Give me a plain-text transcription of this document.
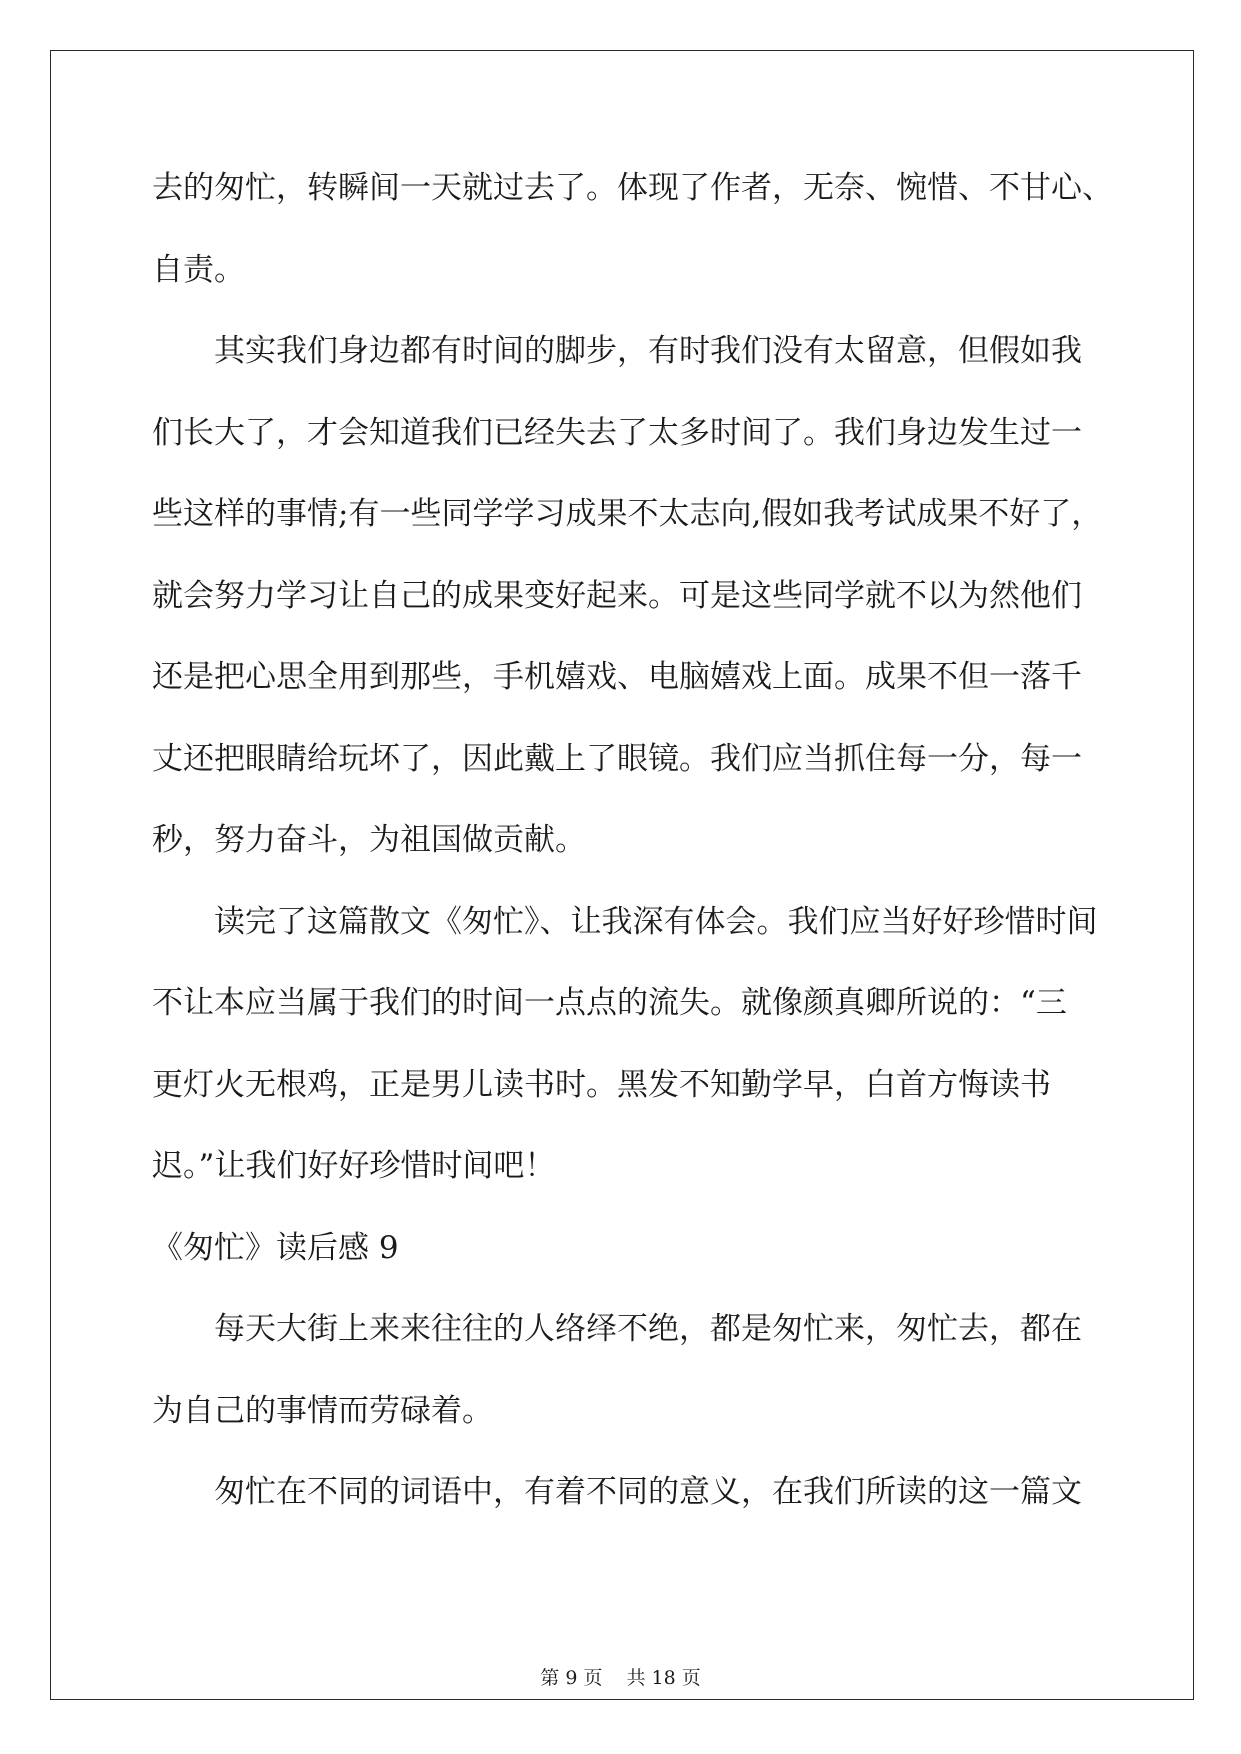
去的匆忙，转瞬间一天就过去了。体现了作者，无奈、惋惜、不甘心、
自责。
其实我们身边都有时间的脚步，有时我们没有太留意，但假如我
们长大了，才会知道我们已经失去了太多时间了。我们身边发生过一
些这样的事情;有一些同学学习成果不太志向,假如我考试成果不好了，
就会努力学习让自己的成果变好起来。可是这些同学就不以为然他们
还是把心思全用到那些，手机嬉戏、电脑嬉戏上面。成果不但一落千
丈还把眼睛给玩坏了，因此戴上了眼镜。我们应当抓住每一分，每一
秒，努力奋斗，为祖国做贡献。
读完了这篇散文《匆忙》、让我深有体会。我们应当好好珍惜时间
不让本应当属于我们的时间一点点的流失。就像颜真卿所说的：“三
更灯火无根鸡，正是男儿读书时。黑发不知勤学早，白首方悔读书
迟。”让我们好好珍惜时间吧！
《匆忙》读后感 9
每天大街上来来往往的人络绎不绝，都是匆忙来，匆忙去，都在
为自己的事情而劳碌着。
匆忙在不同的词语中，有着不同的意义，在我们所读的这一篇文
第 9 页 共 18 页
